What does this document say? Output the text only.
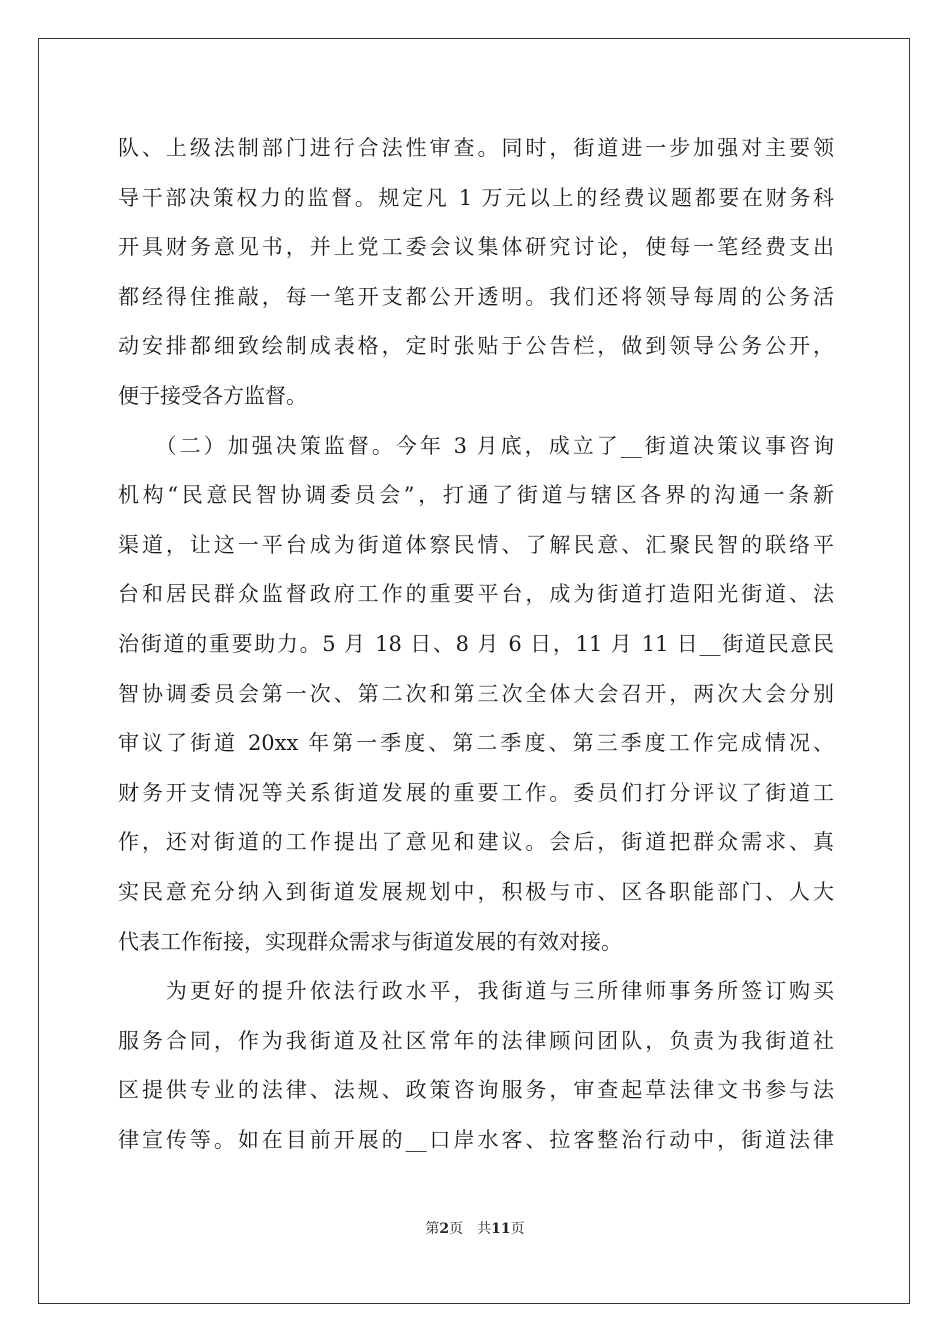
队、上级法制部门进行合法性审查。同时，街道进一步加强对主要领
导干部决策权力的监督。规定凡 1 万元以上的经费议题都要在财务科
开具财务意见书，并上党工委会议集体研究讨论，使每一笔经费支出
都经得住推敲，每一笔开支都公开透明。我们还将领导每周的公务活
动安排都细致绘制成表格，定时张贴于公告栏，做到领导公务公开，
便于接受各方监督。
　　（二）加强决策监督。今年 3 月底，成立了__街道决策议事咨询
机构“民意民智协调委员会”，打通了街道与辖区各界的沟通一条新
渠道，让这一平台成为街道体察民情、了解民意、汇聚民智的联络平
台和居民群众监督政府工作的重要平台，成为街道打造阳光街道、法
治街道的重要助力。5 月 18 日、8 月 6 日，11 月 11 日__街道民意民
智协调委员会第一次、第二次和第三次全体大会召开，两次大会分别
审议了街道 20xx 年第一季度、第二季度、第三季度工作完成情况、
财务开支情况等关系街道发展的重要工作。委员们打分评议了街道工
作，还对街道的工作提出了意见和建议。会后，街道把群众需求、真
实民意充分纳入到街道发展规划中，积极与市、区各职能部门、人大
代表工作衔接，实现群众需求与街道发展的有效对接。
　　为更好的提升依法行政水平，我街道与三所律师事务所签订购买
服务合同，作为我街道及社区常年的法律顾问团队，负责为我街道社
区提供专业的法律、法规、政策咨询服务，审查起草法律文书参与法
律宣传等。如在目前开展的__口岸水客、拉客整治行动中，街道法律
第2页 共11页
